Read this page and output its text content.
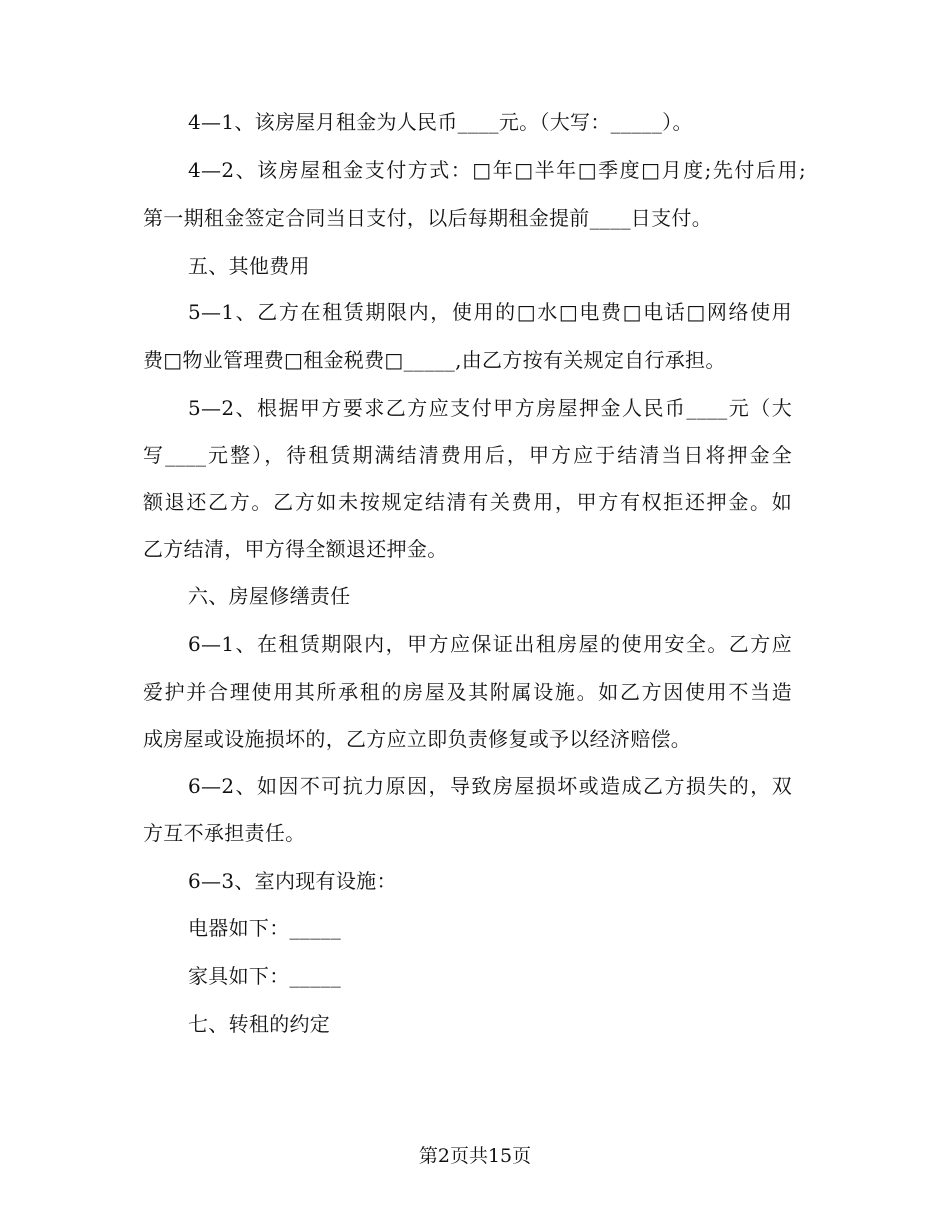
4—1、该房屋月租金为人民币____元。（大写：_____）。
4—2、该房屋租金支付方式：□年□半年□季度□月度;先付后用;
第一期租金签定合同当日支付，以后每期租金提前____日支付。
五、其他费用
5—1、乙方在租赁期限内，使用的□水□电费□电话□网络使用
费□物业管理费□租金税费□_____,由乙方按有关规定自行承担。
5—2、根据甲方要求乙方应支付甲方房屋押金人民币____元（大
写____元整），待租赁期满结清费用后，甲方应于结清当日将押金全
额退还乙方。乙方如未按规定结清有关费用，甲方有权拒还押金。如
乙方结清，甲方得全额退还押金。
六、房屋修缮责任
6—1、在租赁期限内，甲方应保证出租房屋的使用安全。乙方应
爱护并合理使用其所承租的房屋及其附属设施。如乙方因使用不当造
成房屋或设施损坏的，乙方应立即负责修复或予以经济赔偿。
6—2、如因不可抗力原因，导致房屋损坏或造成乙方损失的，双
方互不承担责任。
6—3、室内现有设施：
电器如下：_____
家具如下：_____
七、转租的约定
第2页共15页
